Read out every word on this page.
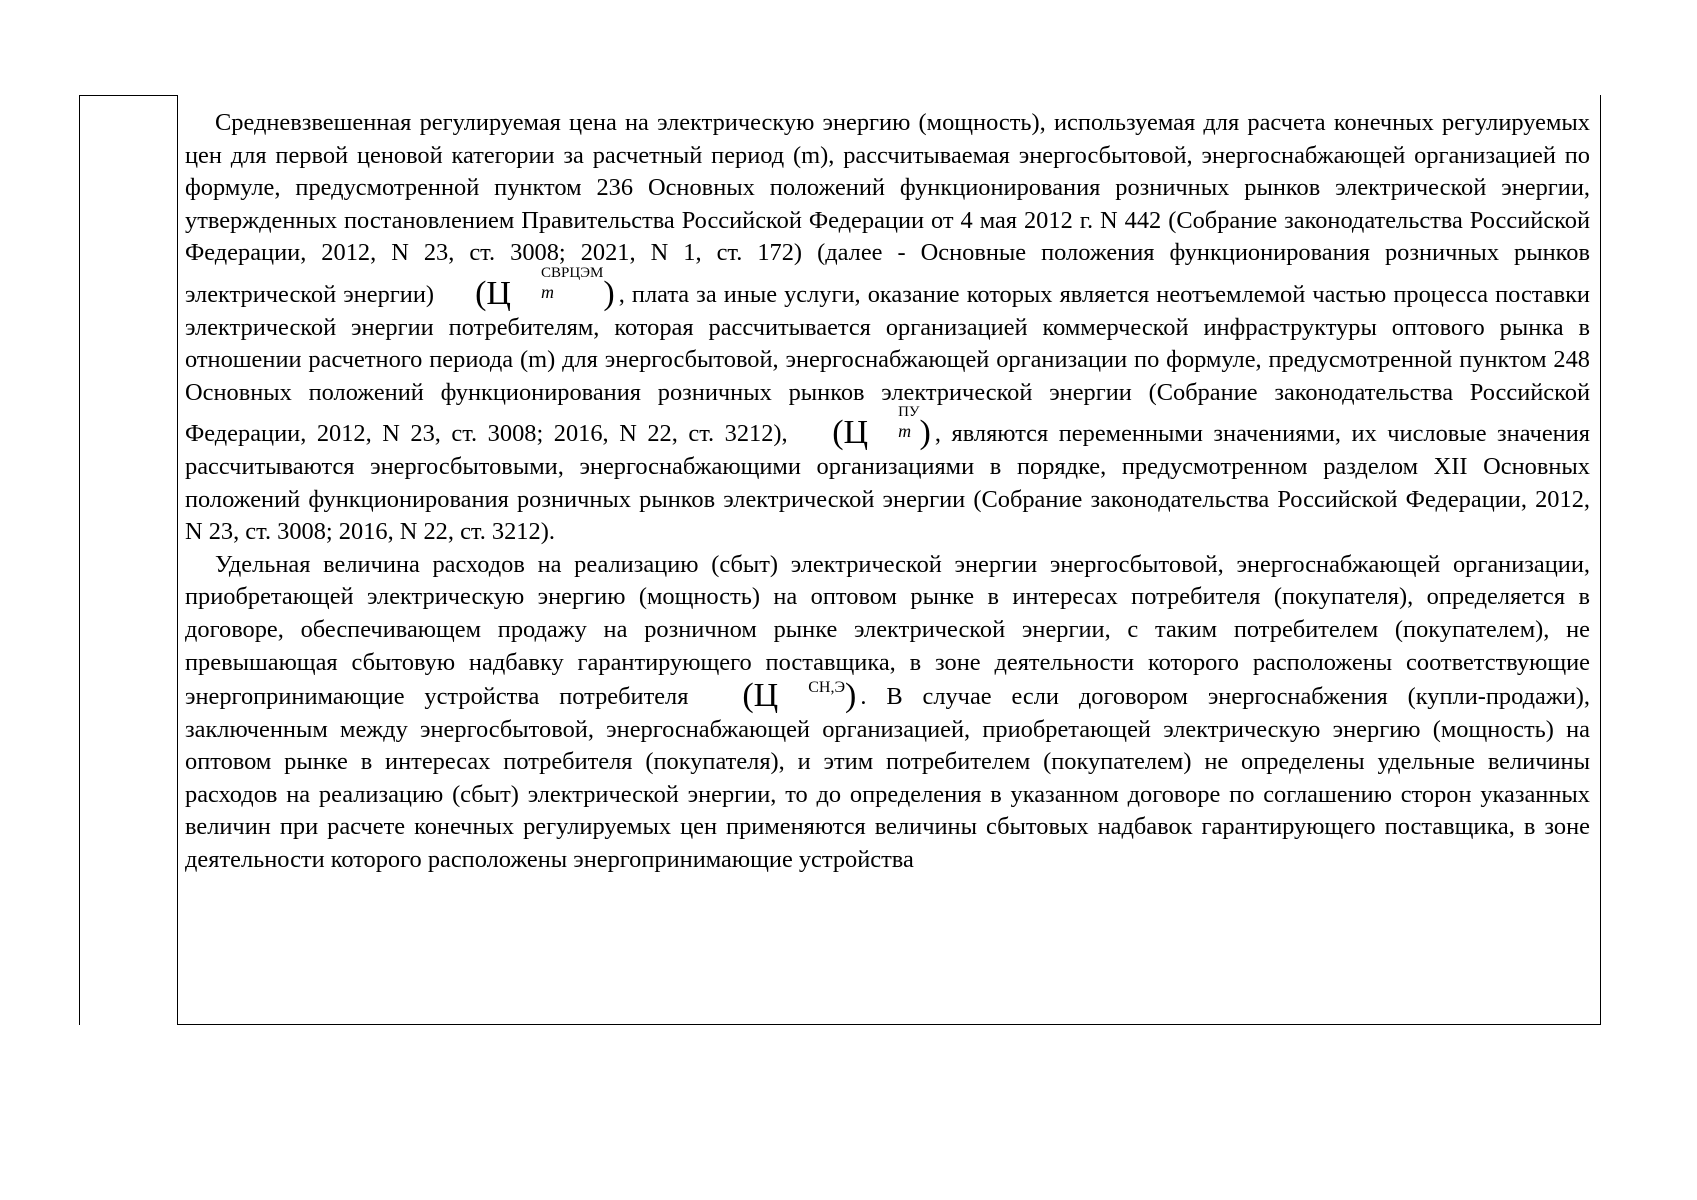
Средневзвешенная регулируемая цена на электрическую энергию (мощность), используемая для расчета конечных регулируемых цен для первой ценовой категории за расчетный период (m), рассчитываемая энергосбытовой, энергоснабжающей организацией по формуле, предусмотренной пунктом 236 Основных положений функционирования розничных рынков электрической энергии, утвержденных постановлением Правительства Российской Федерации от 4 мая 2012 г. N 442 (Собрание законодательства Российской Федерации, 2012, N 23, ст. 3008; 2021, N 1, ст. 172) (далее - Основные положения функционирования розничных рынков электрической энергии) (Ц
СВРЦЭМ
m	) , плата за иные услуги, оказание которых является неотъемлемой частью процесса поставки электрической энергии потребителям, которая рассчитывается организацией коммерческой инфраструктуры оптового рынка в отношении расчетного периода (m) для энергосбытовой, энергоснабжающей организации по формуле, предусмотренной пунктом 248 Основных положений функционирования розничных рынков электрической энергии (Собрание законодательства Российской Федерации, 2012, N 23, ст. 3008; 2016, N 22, ст. 3212), (Ц
ПУ
m ) , являются переменными значениями, их числовые значения рассчитываются энергосбытовыми, энергоснабжающими организациями в порядке, предусмотренном разделом XII Основных положений функционирования розничных рынков электрической энергии (Собрание законодательства Российской Федерации, 2012, N 23, ст. 3008; 2016, N 22, ст. 3212).

Удельная величина расходов на реализацию (сбыт) электрической энергии энергосбытовой, энергоснабжающей организации, приобретающей электрическую энергию (мощность) на оптовом рынке в интересах потребителя (покупателя), определяется в договоре, обеспечивающем продажу на розничном рынке электрической энергии, с таким потребителем (покупателем), не превышающая сбытовую надбавку гарантирующего поставщика, в зоне деятельности которого расположены соответствующие энергопринимающие устройства потребителя (Ц СН,Э) . В случае если договором энергоснабжения (купли-продажи), заключенным между энергосбытовой, энергоснабжающей организацией, приобретающей электрическую энергию (мощность) на оптовом рынке в интересах потребителя (покупателя), и этим потребителем (покупателем) не определены удельные величины расходов на реализацию (сбыт) электрической энергии, то до определения в указанном договоре по соглашению сторон указанных величин при расчете конечных регулируемых цен применяются величины сбытовых надбавок гарантирующего поставщика, в зоне деятельности которого расположены энергопринимающие устройства
